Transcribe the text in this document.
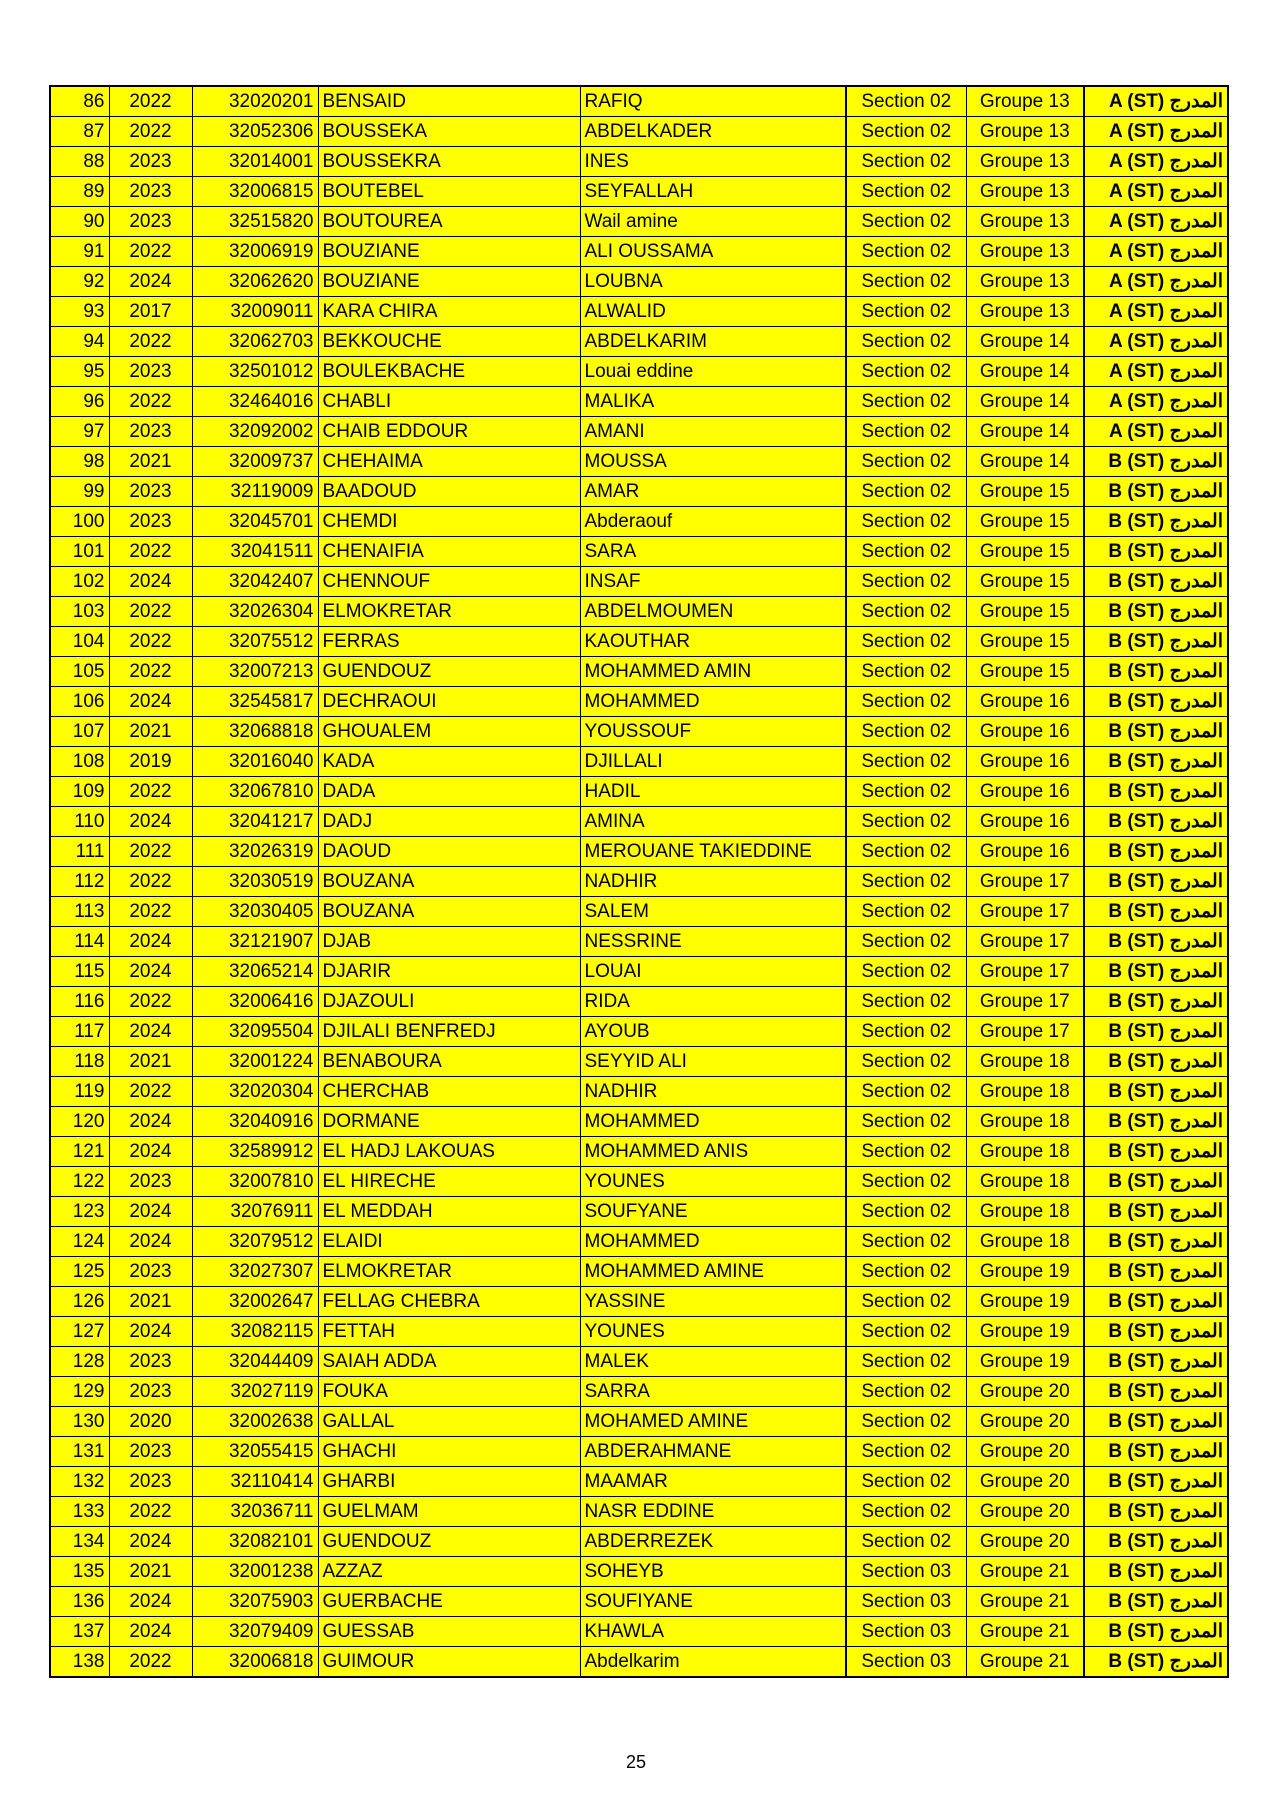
86	2022	32020201	BENSAID	RAFIQ	Section 02	Groupe 13	المدرج A (ST)
87	2022	32052306	BOUSSEKA	ABDELKADER	Section 02	Groupe 13	المدرج A (ST)
88	2023	32014001	BOUSSEKRA	INES	Section 02	Groupe 13	المدرج A (ST)
89	2023	32006815	BOUTEBEL	SEYFALLAH	Section 02	Groupe 13	المدرج A (ST)
90	2023	32515820	BOUTOUREA	Wail amine	Section 02	Groupe 13	المدرج A (ST)
91	2022	32006919	BOUZIANE	ALI OUSSAMA	Section 02	Groupe 13	المدرج A (ST)
92	2024	32062620	BOUZIANE	LOUBNA	Section 02	Groupe 13	المدرج A (ST)
93	2017	32009011	KARA CHIRA	ALWALID	Section 02	Groupe 13	المدرج A (ST)
94	2022	32062703	BEKKOUCHE	ABDELKARIM	Section 02	Groupe 14	المدرج A (ST)
95	2023	32501012	BOULEKBACHE	Louai eddine	Section 02	Groupe 14	المدرج A (ST)
96	2022	32464016	CHABLI	MALIKA	Section 02	Groupe 14	المدرج A (ST)
97	2023	32092002	CHAIB EDDOUR	AMANI	Section 02	Groupe 14	المدرج A (ST)
98	2021	32009737	CHEHAIMA	MOUSSA	Section 02	Groupe 14	المدرج B (ST)
99	2023	32119009	BAADOUD	AMAR	Section 02	Groupe 15	المدرج B (ST)
100	2023	32045701	CHEMDI	Abderaouf	Section 02	Groupe 15	المدرج B (ST)
101	2022	32041511	CHENAIFIA	SARA	Section 02	Groupe 15	المدرج B (ST)
102	2024	32042407	CHENNOUF	INSAF	Section 02	Groupe 15	المدرج B (ST)
103	2022	32026304	ELMOKRETAR	ABDELMOUMEN	Section 02	Groupe 15	المدرج B (ST)
104	2022	32075512	FERRAS	KAOUTHAR	Section 02	Groupe 15	المدرج B (ST)
105	2022	32007213	GUENDOUZ	MOHAMMED AMIN	Section 02	Groupe 15	المدرج B (ST)
106	2024	32545817	DECHRAOUI	MOHAMMED	Section 02	Groupe 16	المدرج B (ST)
107	2021	32068818	GHOUALEM	YOUSSOUF	Section 02	Groupe 16	المدرج B (ST)
108	2019	32016040	KADA	DJILLALI	Section 02	Groupe 16	المدرج B (ST)
109	2022	32067810	DADA	HADIL	Section 02	Groupe 16	المدرج B (ST)
110	2024	32041217	DADJ	AMINA	Section 02	Groupe 16	المدرج B (ST)
111	2022	32026319	DAOUD	MEROUANE TAKIEDDINE	Section 02	Groupe 16	المدرج B (ST)
112	2022	32030519	BOUZANA	NADHIR	Section 02	Groupe 17	المدرج B (ST)
113	2022	32030405	BOUZANA	SALEM	Section 02	Groupe 17	المدرج B (ST)
114	2024	32121907	DJAB	NESSRINE	Section 02	Groupe 17	المدرج B (ST)
115	2024	32065214	DJARIR	LOUAI	Section 02	Groupe 17	المدرج B (ST)
116	2022	32006416	DJAZOULI	RIDA	Section 02	Groupe 17	المدرج B (ST)
117	2024	32095504	DJILALI BENFREDJ	AYOUB	Section 02	Groupe 17	المدرج B (ST)
118	2021	32001224	BENABOURA	SEYYID ALI	Section 02	Groupe 18	المدرج B (ST)
119	2022	32020304	CHERCHAB	NADHIR	Section 02	Groupe 18	المدرج B (ST)
120	2024	32040916	DORMANE	MOHAMMED	Section 02	Groupe 18	المدرج B (ST)
121	2024	32589912	EL HADJ LAKOUAS	MOHAMMED ANIS	Section 02	Groupe 18	المدرج B (ST)
122	2023	32007810	EL HIRECHE	YOUNES	Section 02	Groupe 18	المدرج B (ST)
123	2024	32076911	EL MEDDAH	SOUFYANE	Section 02	Groupe 18	المدرج B (ST)
124	2024	32079512	ELAIDI	MOHAMMED	Section 02	Groupe 18	المدرج B (ST)
125	2023	32027307	ELMOKRETAR	MOHAMMED AMINE	Section 02	Groupe 19	المدرج B (ST)
126	2021	32002647	FELLAG CHEBRA	YASSINE	Section 02	Groupe 19	المدرج B (ST)
127	2024	32082115	FETTAH	YOUNES	Section 02	Groupe 19	المدرج B (ST)
128	2023	32044409	SAIAH ADDA	MALEK	Section 02	Groupe 19	المدرج B (ST)
129	2023	32027119	FOUKA	SARRA	Section 02	Groupe 20	المدرج B (ST)
130	2020	32002638	GALLAL	MOHAMED AMINE	Section 02	Groupe 20	المدرج B (ST)
131	2023	32055415	GHACHI	ABDERAHMANE	Section 02	Groupe 20	المدرج B (ST)
132	2023	32110414	GHARBI	MAAMAR	Section 02	Groupe 20	المدرج B (ST)
133	2022	32036711	GUELMAM	NASR EDDINE	Section 02	Groupe 20	المدرج B (ST)
134	2024	32082101	GUENDOUZ	ABDERREZEK	Section 02	Groupe 20	المدرج B (ST)
135	2021	32001238	AZZAZ	SOHEYB	Section 03	Groupe 21	المدرج B (ST)
136	2024	32075903	GUERBACHE	SOUFIYANE	Section 03	Groupe 21	المدرج B (ST)
137	2024	32079409	GUESSAB	KHAWLA	Section 03	Groupe 21	المدرج B (ST)
138	2022	32006818	GUIMOUR	Abdelkarim	Section 03	Groupe 21	المدرج B (ST)
25
